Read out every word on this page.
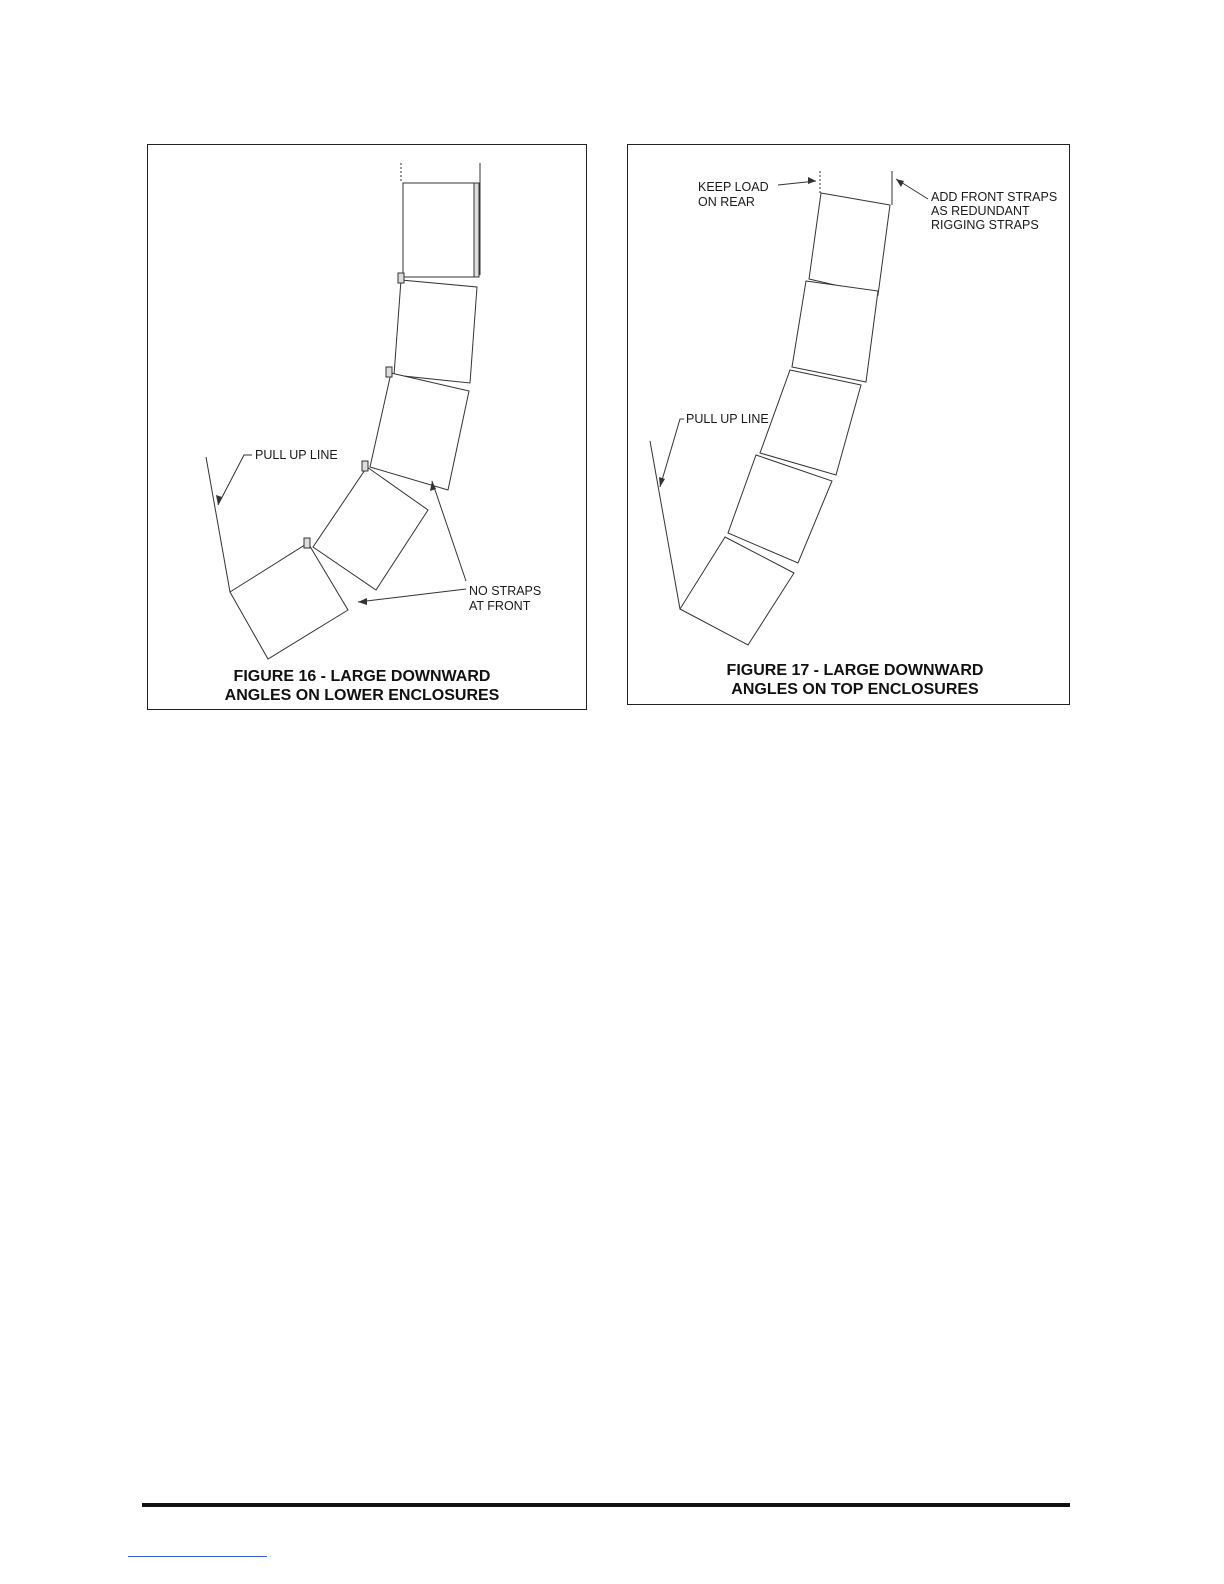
PULL UP LINE
NO STRAPS
AT FRONT
FIGURE 16 - LARGE DOWNWARD
ANGLES ON LOWER ENCLOSURES
PULL UP LINE
KEEP LOAD
ON REAR	ADD FRONT STRAPS
AS REDUNDANT
RIGGING STRAPS
FIGURE 17 - LARGE DOWNWARD
ANGLES ON TOP ENCLOSURES
